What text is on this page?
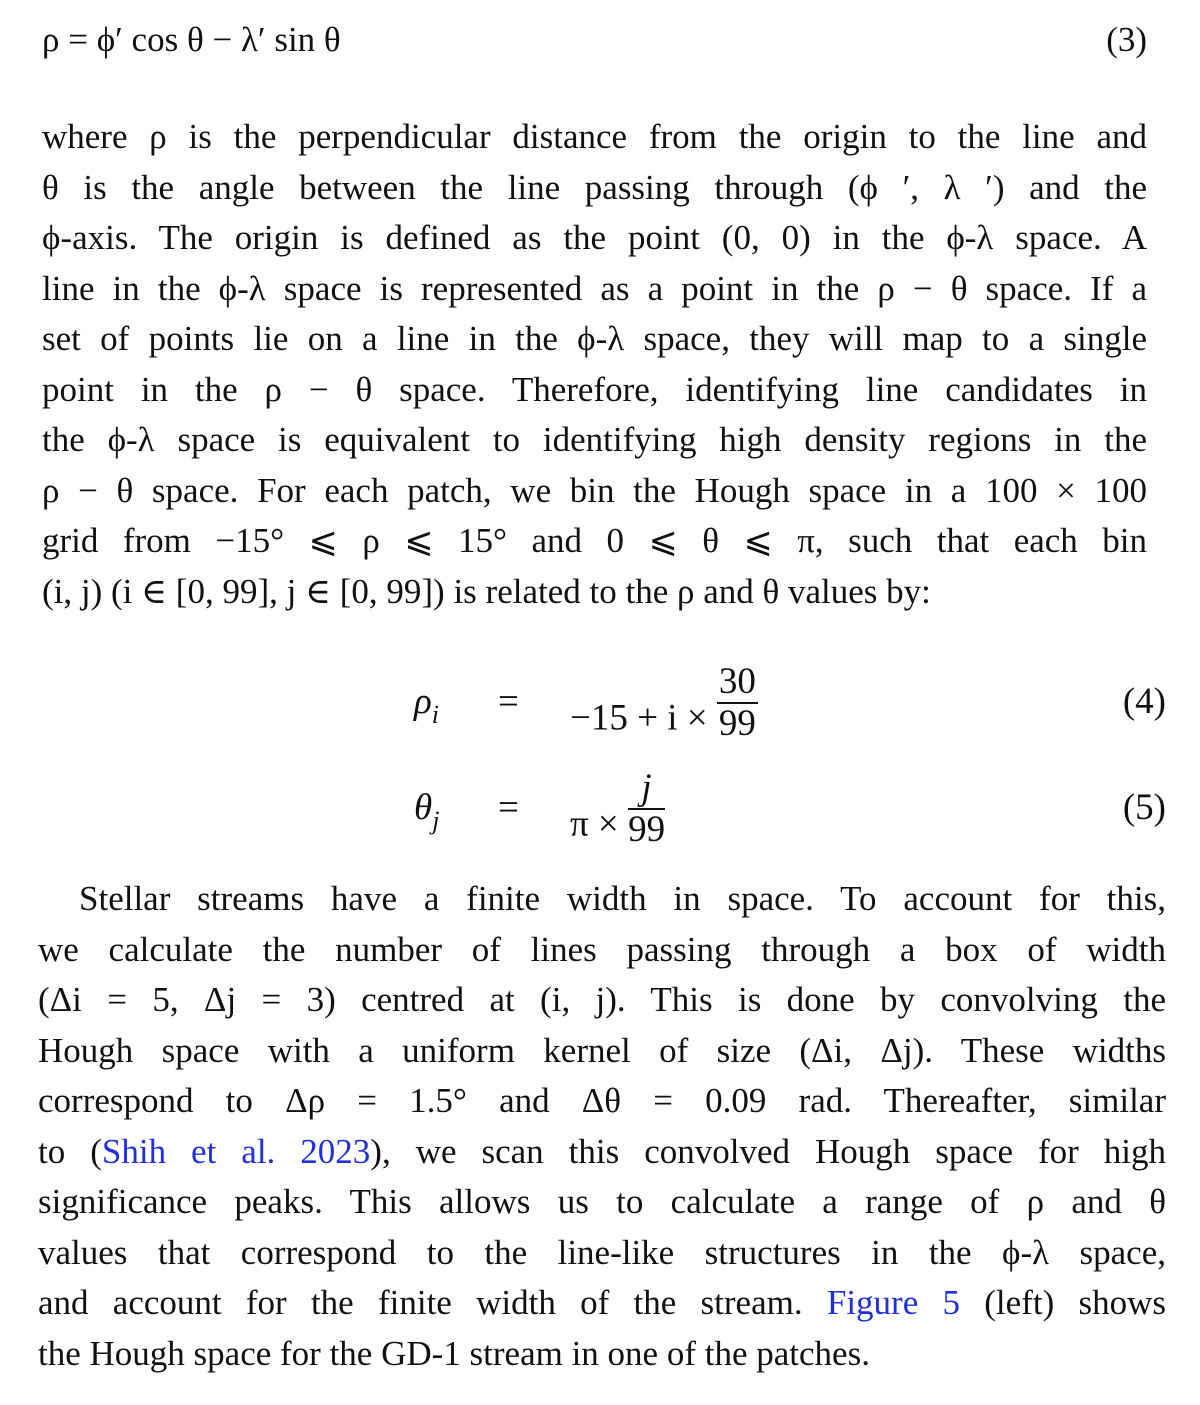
ρ = ϕ′ cos θ − λ′ sin θ	(3)

where ρ is the perpendicular distance from the origin to the line and
θ is the angle between the line passing through (ϕ ′, λ ′) and the
ϕ-axis. The origin is defined as the point (0, 0) in the ϕ-λ space. A
line in the ϕ-λ space is represented as a point in the ρ − θ space. If a
set of points lie on a line in the ϕ-λ space, they will map to a single
point in the ρ − θ space. Therefore, identifying line candidates in
the ϕ-λ space is equivalent to identifying high density regions in the
ρ − θ space. For each patch, we bin the Hough space in a 100 × 100
grid from −15° ⩽ ρ ⩽ 15° and 0 ⩽ θ ⩽ π, such that each bin
(i, j) (i ∈ [0, 99], j ∈ [0, 99]) is related to the ρ and θ values by:

$\rho_i = -15 + i \times \frac{30}{99}$	(4)
$\theta_j = \pi \times \frac{j}{99}$	(5)

Stellar streams have a finite width in space. To account for this,
we calculate the number of lines passing through a box of width
(Δi = 5, Δj = 3) centred at (i, j). This is done by convolving the
Hough space with a uniform kernel of size (Δi, Δj). These widths
correspond to Δρ = 1.5° and Δθ = 0.09 rad. Thereafter, similar
to (Shih et al. 2023), we scan this convolved Hough space for high
significance peaks. This allows us to calculate a range of ρ and θ
values that correspond to the line-like structures in the ϕ-λ space,
and account for the finite width of the stream. Figure 5 (left) shows
the Hough space for the GD-1 stream in one of the patches.
